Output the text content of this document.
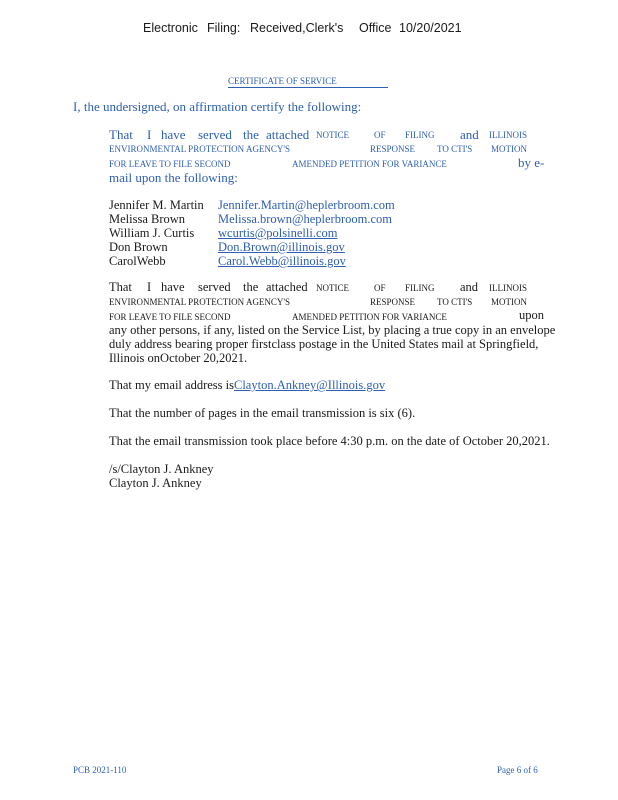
Electronic Filing: Received,Clerk's Office 10/20/2021
CERTIFICATE OF SERVICE
I, the undersigned, on affirmation certify the following:
That I have served the attached NOTICE	OF FILING and ILLINOIS
ENVIRONMENTAL PROTECTION AGENCY'S	RESPONSE TO CTI'S MOTION
FOR LEAVE TO FILE SECOND	AMENDED PETITION FOR VARIANCE	by e-
mail upon the following:
Jennifer M. Martin Jennifer.Martin@heplerbroom.com
Melissa Brown	Melissa.brown@heplerbroom.com
William J. Curtis wcurtis@polsinelli.com
Don Brown	Don.Brown@illinois.gov
CarolWebb	Carol.Webb@illinois.gov
That I have served the attached NOTICE	OF FILING and ILLINOIS
ENVIRONMENTAL PROTECTION AGENCY'S	RESPONSE TO CTI'S MOTION
FOR LEAVE TO FILE SECOND	AMENDED PETITION FOR VARIANCE	upon
any other persons, if any, listed on the Service List, by placing a true copy in an envelope
duly address bearing proper firstclass postage in the United States mail at Springfield,
Illinois onOctober 20,2021.
That my email address isClayton.Ankney@Illinois.gov
That the number of pages in the email transmission is six (6).
That the email transmission took place before 4:30 p.m. on the date of October 20,2021.
/s/Clayton J. Ankney
Clayton J. Ankney
PCB 2021-110	Page 6 of 6
